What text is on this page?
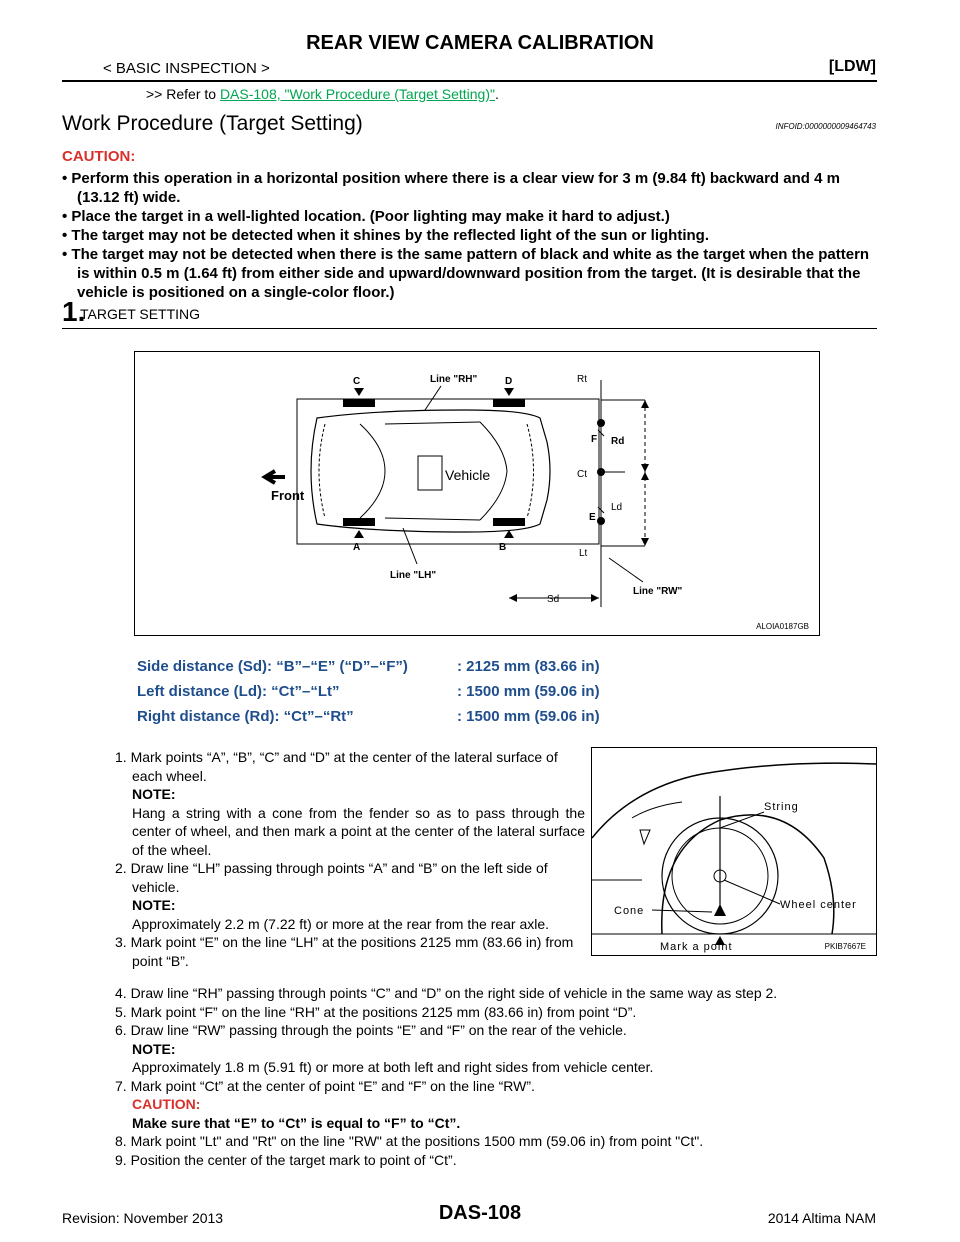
REAR VIEW CAMERA CALIBRATION
< BASIC INSPECTION >	[LDW]
>> Refer to DAS-108, "Work Procedure (Target Setting)".
Work Procedure (Target Setting)	INFOID:0000000009464743
CAUTION:
• Perform this operation in a horizontal position where there is a clear view for 3 m (9.84 ft) backward and 4 m (13.12 ft) wide.
• Place the target in a well-lighted location. (Poor lighting may make it hard to adjust.)
• The target may not be detected when it shines by the reflected light of the sun or lighting.
• The target may not be detected when there is the same pattern of black and white as the target when the pattern is within 0.5 m (1.64 ft) from either side and upward/downward position from the target. (It is desirable that the vehicle is positioned on a single-color floor.)
1.
TARGET SETTING
Line "RH"
Line "LH"
Line "RW"
Front
Vehicle
C	D
A	B
F
E
Rt
Ct
Lt
Rd
Ld
Sd
ALOIA0187GB
Side distance (Sd): “B”–“E” (“D”–“F”)	: 2125 mm (83.66 in)
Left distance (Ld): “Ct”–“Lt”	: 1500 mm (59.06 in)
Right distance (Rd): “Ct”–“Rt”	: 1500 mm (59.06 in)
1. Mark points “A”, “B”, “C” and “D” at the center of the lateral surface of each wheel.
NOTE:
Hang a string with a cone from the fender so as to pass through the center of wheel, and then mark a point at the center of the lateral surface of the wheel.
2. Draw line “LH” passing through points “A” and “B” on the left side of vehicle.
NOTE:
Approximately 2.2 m (7.22 ft) or more at the rear from the rear axle.
3. Mark point “E” on the line “LH” at the positions 2125 mm (83.66 in) from point “B”.
4. Draw line “RH” passing through points “C” and “D” on the right side of vehicle in the same way as step 2.
5. Mark point “F” on the line “RH” at the positions 2125 mm (83.66 in) from point “D”.
6. Draw line “RW” passing through the points “E” and “F” on the rear of the vehicle.
NOTE:
Approximately 1.8 m (5.91 ft) or more at both left and right sides from vehicle center.
7. Mark point “Ct” at the center of point “E” and “F” on the line “RW”.
CAUTION:
Make sure that “E” to “Ct” is equal to “F” to “Ct”.
8. Mark point "Lt" and "Rt" on the line "RW" at the positions 1500 mm (59.06 in) from point "Ct".
9. Position the center of the target mark to point of “Ct”.
String
Cone	Wheel center
Mark a point	PKIB7667E
Revision: November 2013	DAS-108	2014 Altima NAM
